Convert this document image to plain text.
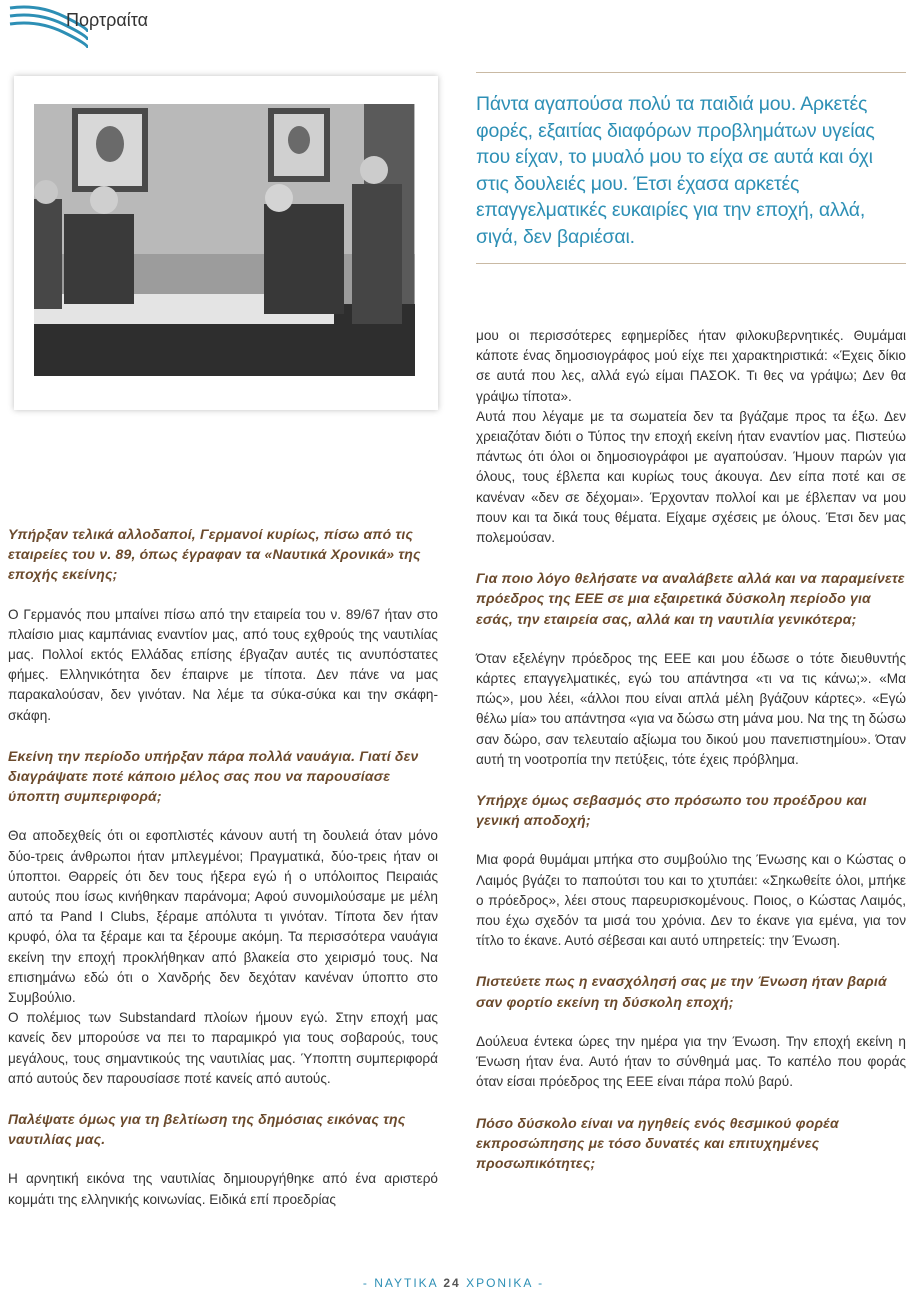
Πορτραίτα

Πάντα αγαπούσα πολύ τα παιδιά μου. Αρκετές φορές, εξαιτίας διαφόρων προβλημάτων υγείας που είχαν, το μυαλό μου το είχα σε αυτά και όχι στις δουλειές μου. Έτσι έχασα αρκετές επαγγελματικές ευκαιρίες για την εποχή, αλλά, σιγά, δεν βαριέσαι.

Υπήρξαν τελικά αλλοδαποί, Γερμανοί κυρίως, πίσω από τις εταιρείες του ν. 89, όπως έγραφαν τα «Ναυτικά Χρονικά» της εποχής εκείνης;

Ο Γερμανός που μπαίνει πίσω από την εταιρεία του ν. 89/67 ήταν στο πλαίσιο μιας καμπάνιας εναντίον μας, από τους εχθρούς της ναυτιλίας μας. Πολλοί εκτός Ελλάδας επίσης έβγαζαν αυτές τις ανυπόστατες φήμες. Ελληνικότητα δεν έπαιρνε με τίποτα. Δεν πάνε να μας παρακαλούσαν, δεν γινόταν. Να λέμε τα σύκα-σύκα και την σκάφη-σκάφη.

Εκείνη την περίοδο υπήρξαν πάρα πολλά ναυάγια. Γιατί δεν διαγράψατε ποτέ κάποιο μέλος σας που να παρουσίασε ύποπτη συμπεριφορά;

Θα αποδεχθείς ότι οι εφοπλιστές κάνουν αυτή τη δουλειά όταν μόνο δύο-τρεις άνθρωποι ήταν μπλεγμένοι; Πραγματικά, δύο-τρεις ήταν οι ύποπτοι. Θαρρείς ότι δεν τους ήξερα εγώ ή ο υπόλοιπος Πειραιάς αυτούς που ίσως κινήθηκαν παράνομα; Αφού συνομιλούσαμε με μέλη από τα Pand I Clubs, ξέραμε απόλυτα τι γινόταν. Τίποτα δεν ήταν κρυφό, όλα τα ξέραμε και τα ξέρουμε ακόμη. Τα περισσότερα ναυάγια εκείνη την εποχή προκλήθηκαν από βλακεία στο χειρισμό τους. Να επισημάνω εδώ ότι ο Χανδρής δεν δεχόταν κανέναν ύποπτο στο Συμβούλιο.

Ο πολέμιος των Substandard πλοίων ήμουν εγώ. Στην εποχή μας κανείς δεν μπορούσε να πει το παραμικρό για τους σοβαρούς, τους μεγάλους, τους σημαντικούς της ναυτιλίας μας. Ύποπτη συμπεριφορά από αυτούς δεν παρουσίασε ποτέ κανείς από αυτούς.

Παλέψατε όμως για τη βελτίωση της δημόσιας εικόνας της ναυτιλίας μας.

Η αρνητική εικόνα της ναυτιλίας δημιουργήθηκε από ένα αριστερό κομμάτι της ελληνικής κοινωνίας. Ειδικά επί προεδρίας

μου οι περισσότερες εφημερίδες ήταν φιλοκυβερνητικές. Θυμάμαι κάποτε ένας δημοσιογράφος μού είχε πει χαρακτηριστικά: «Έχεις δίκιο σε αυτά που λες, αλλά εγώ είμαι ΠΑΣΟΚ. Τι θες να γράψω; Δεν θα γράψω τίποτα».

Αυτά που λέγαμε με τα σωματεία δεν τα βγάζαμε προς τα έξω. Δεν χρειαζόταν διότι ο Τύπος την εποχή εκείνη ήταν εναντίον μας. Πιστεύω πάντως ότι όλοι οι δημοσιογράφοι με αγαπούσαν. Ήμουν παρών για όλους, τους έβλεπα και κυρίως τους άκουγα. Δεν είπα ποτέ και σε κανέναν «δεν σε δέχομαι». Έρχονταν πολλοί και με έβλεπαν να μου πουν και τα δικά τους θέματα. Είχαμε σχέσεις με όλους. Έτσι δεν μας πολεμούσαν.

Για ποιο λόγο θελήσατε να αναλάβετε αλλά και να παραμείνετε πρόεδρος της ΕΕΕ σε μια εξαιρετικά δύσκολη περίοδο για εσάς, την εταιρεία σας, αλλά και τη ναυτιλία γενικότερα;

Όταν εξελέγην πρόεδρος της ΕΕΕ και μου έδωσε ο τότε διευθυντής κάρτες επαγγελματικές, εγώ του απάντησα «τι να τις κάνω;». «Μα πώς», μου λέει, «άλλοι που είναι απλά μέλη βγάζουν κάρτες». «Εγώ θέλω μία» του απάντησα «για να δώσω στη μάνα μου. Να της τη δώσω σαν δώρο, σαν τελευταίο αξίωμα του δικού μου πανεπιστημίου». Όταν αυτή τη νοοτροπία την πετύξεις, τότε έχεις πρόβλημα.

Υπήρχε όμως σεβασμός στο πρόσωπο του προέδρου και γενική αποδοχή;

Μια φορά θυμάμαι μπήκα στο συμβούλιο της Ένωσης και ο Κώστας ο Λαιμός βγάζει το παπούτσι του και το χτυπάει: «Σηκωθείτε όλοι, μπήκε ο πρόεδρος», λέει στους παρευρισκομένους. Ποιος, ο Κώστας Λαιμός, που έχω σχεδόν τα μισά του χρόνια. Δεν το έκανε για εμένα, για τον τίτλο το έκανε. Αυτό σέβεσαι και αυτό υπηρετείς: την Ένωση.

Πιστεύετε πως η ενασχόλησή σας με την Ένωση ήταν βαριά σαν φορτίο εκείνη τη δύσκολη εποχή;

Δούλευα έντεκα ώρες την ημέρα για την Ένωση. Την εποχή εκείνη η Ένωση ήταν ένα. Αυτό ήταν το σύνθημά μας. Το καπέλο που φοράς όταν είσαι πρόεδρος της ΕΕΕ είναι πάρα πολύ βαρύ.

Πόσο δύσκολο είναι να ηγηθείς ενός θεσμικού φορέα εκπροσώπησης με τόσο δυνατές και επιτυχημένες προσωπικότητες;

- ΝΑΥΤΙΚΑ 24 ΧΡΟΝΙΚΑ -
